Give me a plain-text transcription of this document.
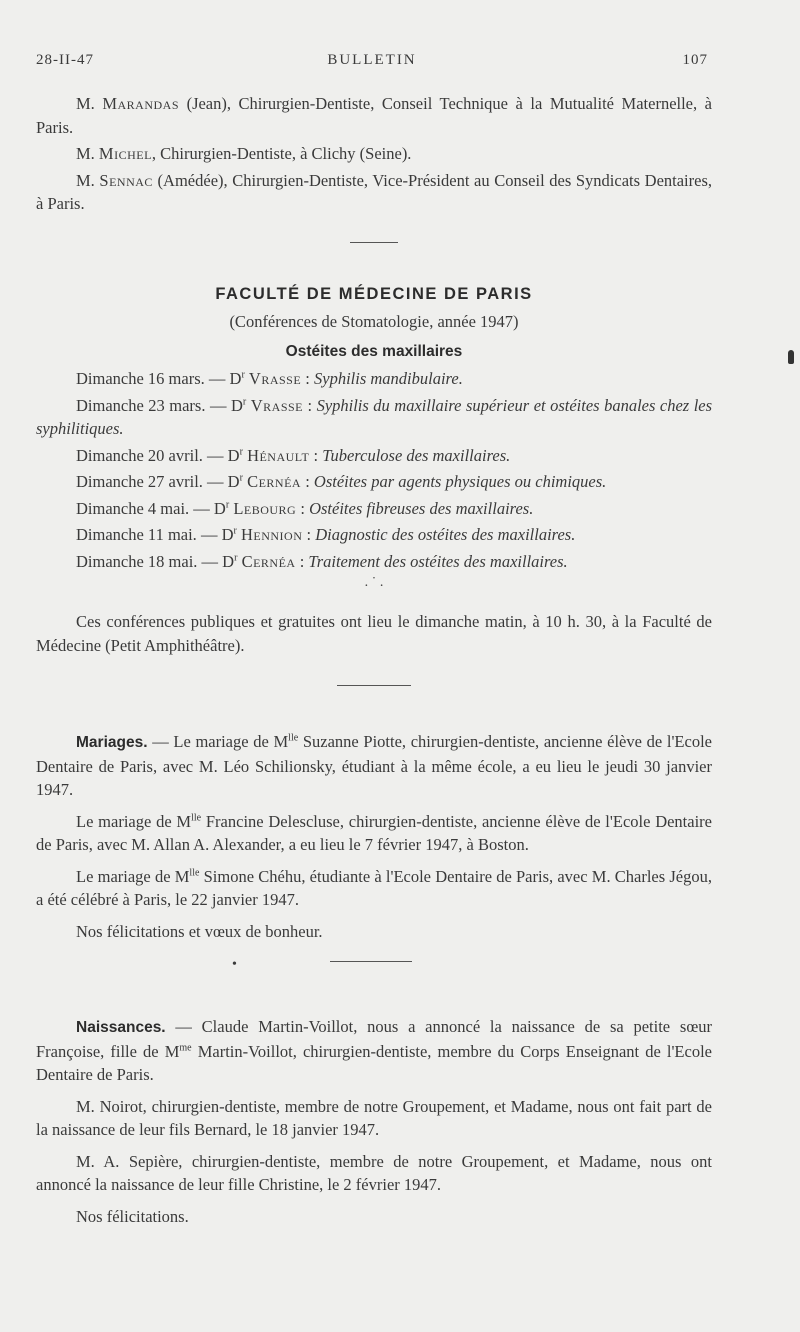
28-II-47	BULLETIN	107

M. Marandas (Jean), Chirurgien-Dentiste, Conseil Technique à la Mutualité Maternelle, à Paris.

M. Michel, Chirurgien-Dentiste, à Clichy (Seine).

M. Sennac (Amédée), Chirurgien-Dentiste, Vice-Président au Conseil des Syndicats Dentaires, à Paris.

FACULTÉ DE MÉDECINE DE PARIS
(Conférences de Stomatologie, année 1947)
Ostéites des maxillaires

Dimanche 16 mars. — $D^r$ Vrasse : Syphilis mandibulaire.

Dimanche 23 mars. — $D^r$ Vrasse : Syphilis du maxillaire supérieur et ostéites banales chez les syphilitiques.

Dimanche 20 avril. — $D^r$ Hénault : Tuberculose des maxillaires.

Dimanche 27 avril. — $D^r$ Cernéa : Ostéites par agents physiques ou chimiques.

Dimanche 4 mai. — $D^r$ Lebourg : Ostéites fibreuses des maxillaires.

Dimanche 11 mai. — $D^r$ Hennion : Diagnostic des ostéites des maxillaires.

Dimanche 18 mai. — $D^r$ Cernéa : Traitement des ostéites des maxillaires.

. ˙ .

Ces conférences publiques et gratuites ont lieu le dimanche matin, à 10 h. 30, à la Faculté de Médecine (Petit Amphithéâtre).

Mariages. — Le mariage de $M^{lle}$ Suzanne Piotte, chirurgien-dentiste, ancienne élève de l'Ecole Dentaire de Paris, avec M. Léo Schilionsky, étudiant à la même école, a eu lieu le jeudi 30 janvier 1947.

Le mariage de $M^{lle}$ Francine Delescluse, chirurgien-dentiste, ancienne élève de l'Ecole Dentaire de Paris, avec M. Allan A. Alexander, a eu lieu le 7 février 1947, à Boston.

Le mariage de $M^{lle}$ Simone Chéhu, étudiante à l'Ecole Dentaire de Paris, avec M. Charles Jégou, a été célébré à Paris, le 22 janvier 1947.

Nos félicitations et vœux de bonheur.

•

Naissances. — Claude Martin-Voillot, nous a annoncé la naissance de sa petite sœur Françoise, fille de $M^{me}$ Martin-Voillot, chirurgien-dentiste, membre du Corps Enseignant de l'Ecole Dentaire de Paris.

M. Noirot, chirurgien-dentiste, membre de notre Groupement, et Madame, nous ont fait part de la naissance de leur fils Bernard, le 18 janvier 1947.

M. A. Sepière, chirurgien-dentiste, membre de notre Groupement, et Madame, nous ont annoncé la naissance de leur fille Christine, le 2 février 1947.

Nos félicitations.
